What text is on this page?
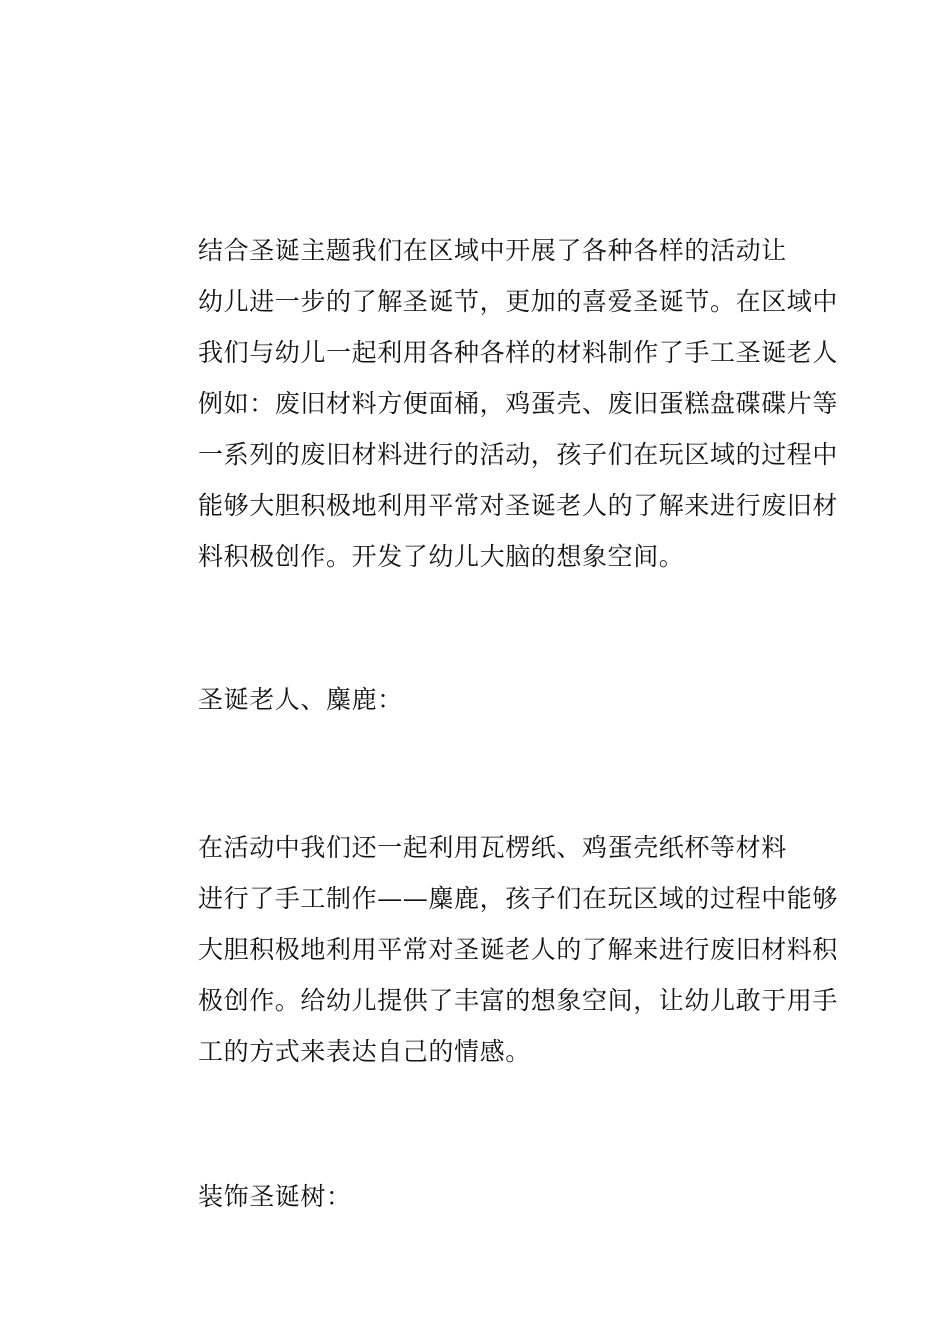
结合圣诞主题我们在区域中开展了各种各样的活动让
幼儿进一步的了解圣诞节，更加的喜爱圣诞节。在区域中
我们与幼儿一起利用各种各样的材料制作了手工圣诞老人
例如：废旧材料方便面桶，鸡蛋壳、废旧蛋糕盘碟碟片等
一系列的废旧材料进行的活动，孩子们在玩区域的过程中
能够大胆积极地利用平常对圣诞老人的了解来进行废旧材
料积极创作。开发了幼儿大脑的想象空间。

圣诞老人、麋鹿：

在活动中我们还一起利用瓦楞纸、鸡蛋壳纸杯等材料
进行了手工制作——麋鹿，孩子们在玩区域的过程中能够
大胆积极地利用平常对圣诞老人的了解来进行废旧材料积
极创作。给幼儿提供了丰富的想象空间，让幼儿敢于用手
工的方式来表达自己的情感。

装饰圣诞树：
